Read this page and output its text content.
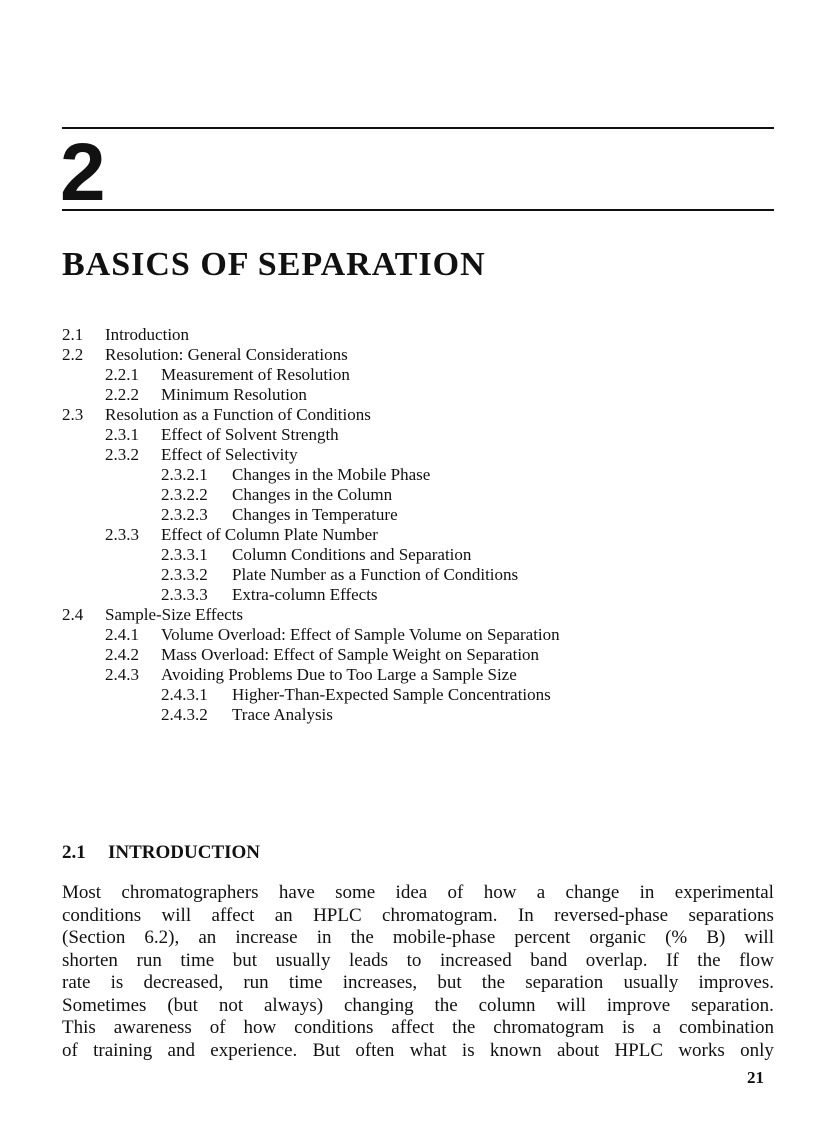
2
BASICS OF SEPARATION
2.1 Introduction
2.2 Resolution: General Considerations
2.2.1 Measurement of Resolution
2.2.2 Minimum Resolution
2.3 Resolution as a Function of Conditions
2.3.1 Effect of Solvent Strength
2.3.2 Effect of Selectivity
2.3.2.1 Changes in the Mobile Phase
2.3.2.2 Changes in the Column
2.3.2.3 Changes in Temperature
2.3.3 Effect of Column Plate Number
2.3.3.1 Column Conditions and Separation
2.3.3.2 Plate Number as a Function of Conditions
2.3.3.3 Extra-column Effects
2.4 Sample-Size Effects
2.4.1 Volume Overload: Effect of Sample Volume on Separation
2.4.2 Mass Overload: Effect of Sample Weight on Separation
2.4.3 Avoiding Problems Due to Too Large a Sample Size
2.4.3.1 Higher-Than-Expected Sample Concentrations
2.4.3.2 Trace Analysis
2.1 INTRODUCTION
Most chromatographers have some idea of how a change in experimental
conditions will affect an HPLC chromatogram. In reversed-phase separations
(Section 6.2), an increase in the mobile-phase percent organic (% B) will
shorten run time but usually leads to increased band overlap. If the flow
rate is decreased, run time increases, but the separation usually improves.
Sometimes (but not always) changing the column will improve separation.
This awareness of how conditions affect the chromatogram is a combination
of training and experience. But often what is known about HPLC works only
21
